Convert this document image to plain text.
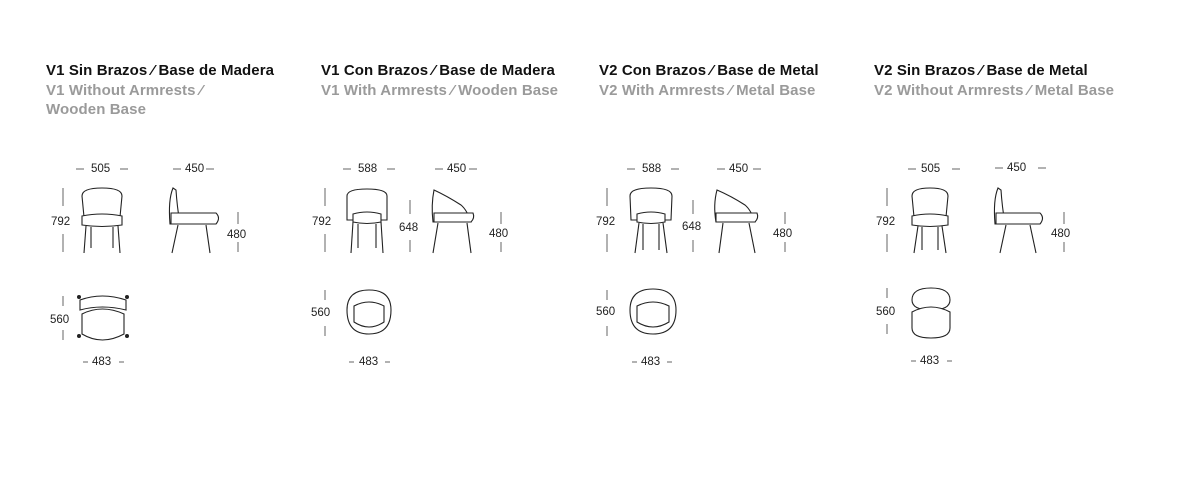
V1 Sin Brazos ⁄ Base de Madera
V1 Without Armrests ⁄ Wooden Base
505	450
792
480
560
483
V1 Con Brazos ⁄ Base de Madera
V1 With Armrests ⁄ Wooden Base
588	450
792	648	480
560
483
V2 Con Brazos ⁄ Base de Metal
V2 With Armrests ⁄ Metal Base
588	450
792	648
480
560
483
V2 Sin Brazos ⁄ Base de Metal
V2 Without Armrests ⁄ Metal Base
505	450
792
480
560
483
